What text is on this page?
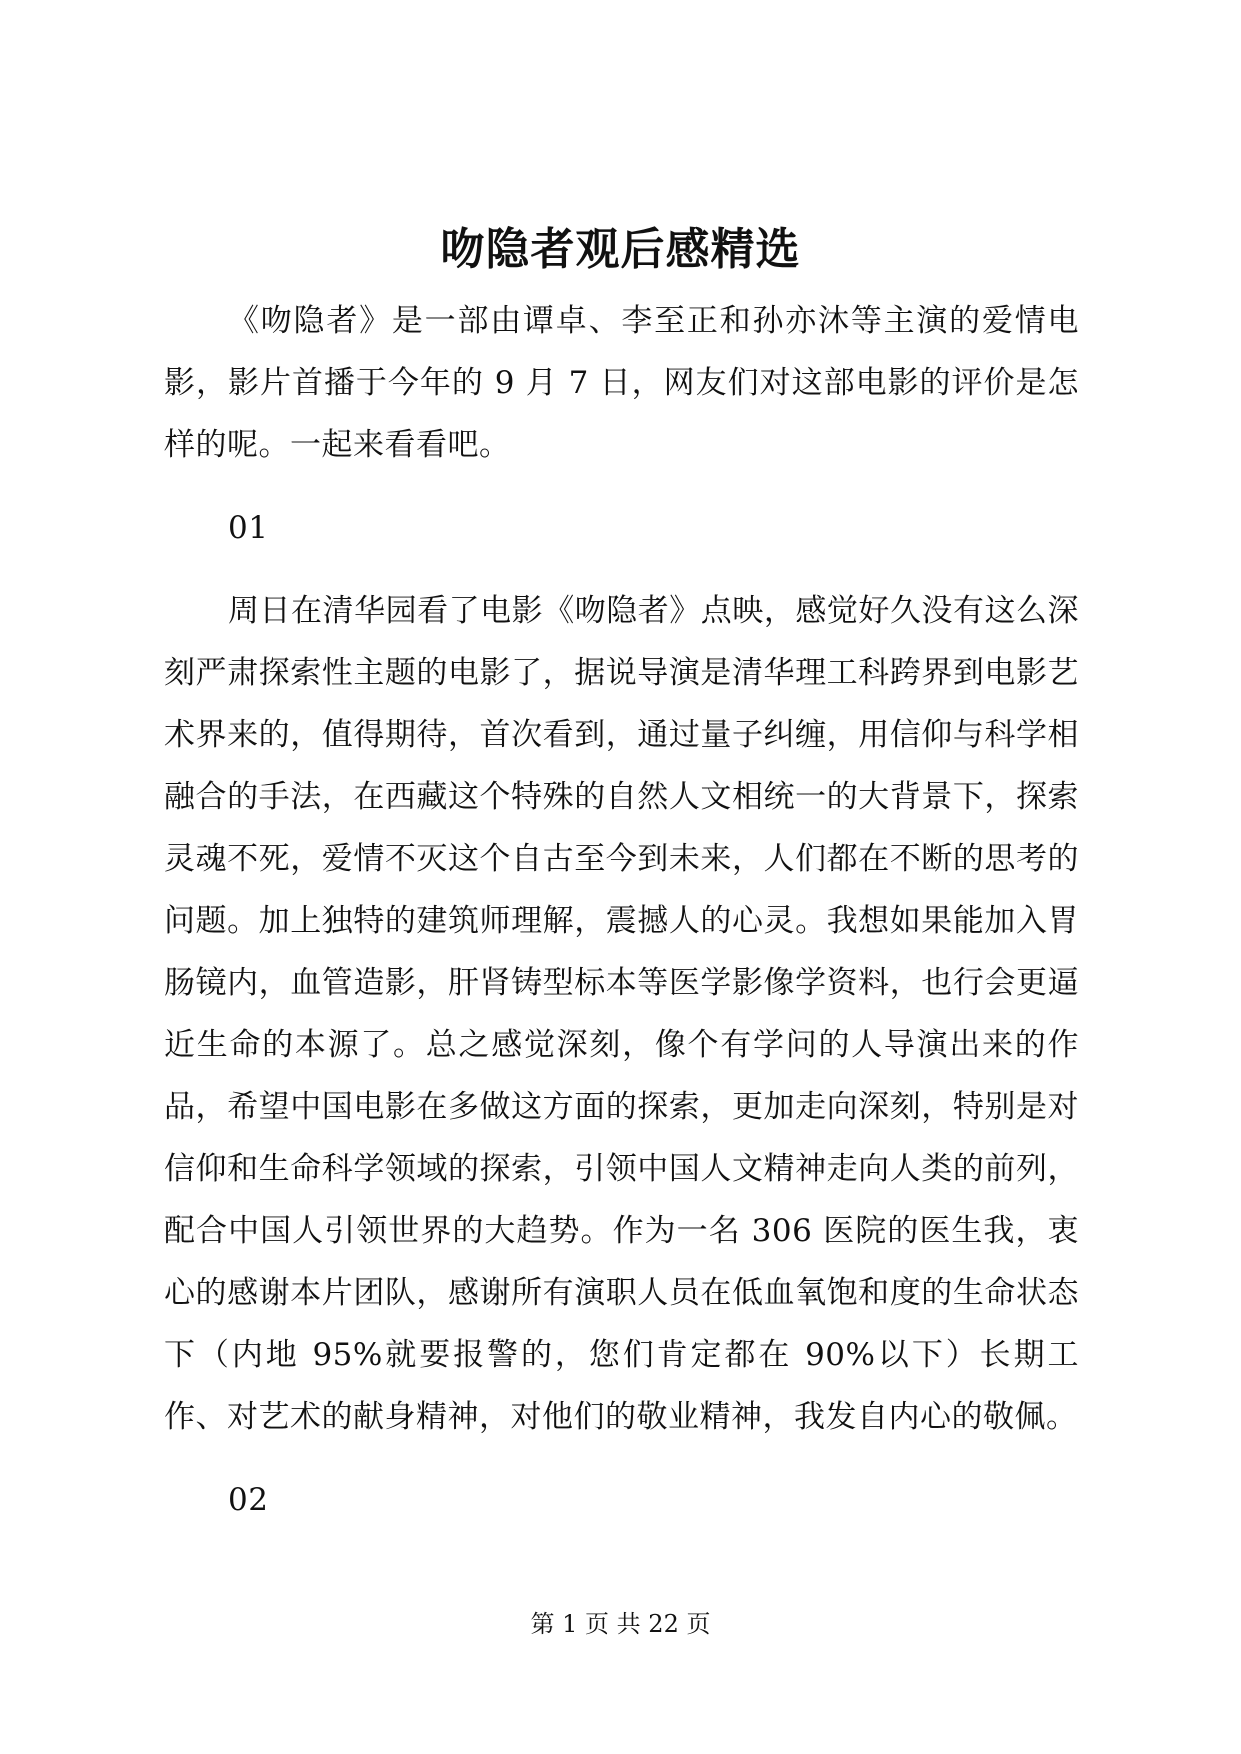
吻隐者观后感精选

《吻隐者》是一部由谭卓、李至正和孙亦沐等主演的爱情电影，影片首播于今年的 9 月 7 日，网友们对这部电影的评价是怎样的呢。一起来看看吧。

01

周日在清华园看了电影《吻隐者》点映，感觉好久没有这么深刻严肃探索性主题的电影了，据说导演是清华理工科跨界到电影艺术界来的，值得期待，首次看到，通过量子纠缠，用信仰与科学相融合的手法，在西藏这个特殊的自然人文相统一的大背景下，探索灵魂不死，爱情不灭这个自古至今到未来，人们都在不断的思考的问题。加上独特的建筑师理解，震撼人的心灵。我想如果能加入胃肠镜内，血管造影，肝肾铸型标本等医学影像学资料，也行会更逼近生命的本源了。总之感觉深刻，像个有学问的人导演出来的作品，希望中国电影在多做这方面的探索，更加走向深刻，特别是对信仰和生命科学领域的探索，引领中国人文精神走向人类的前列，配合中国人引领世界的大趋势。作为一名 306 医院的医生我，衷心的感谢本片团队，感谢所有演职人员在低血氧饱和度的生命状态下（内地 95%就要报警的，您们肯定都在 90%以下）长期工作、对艺术的献身精神，对他们的敬业精神，我发自内心的敬佩。

02

第 1 页 共 22 页
